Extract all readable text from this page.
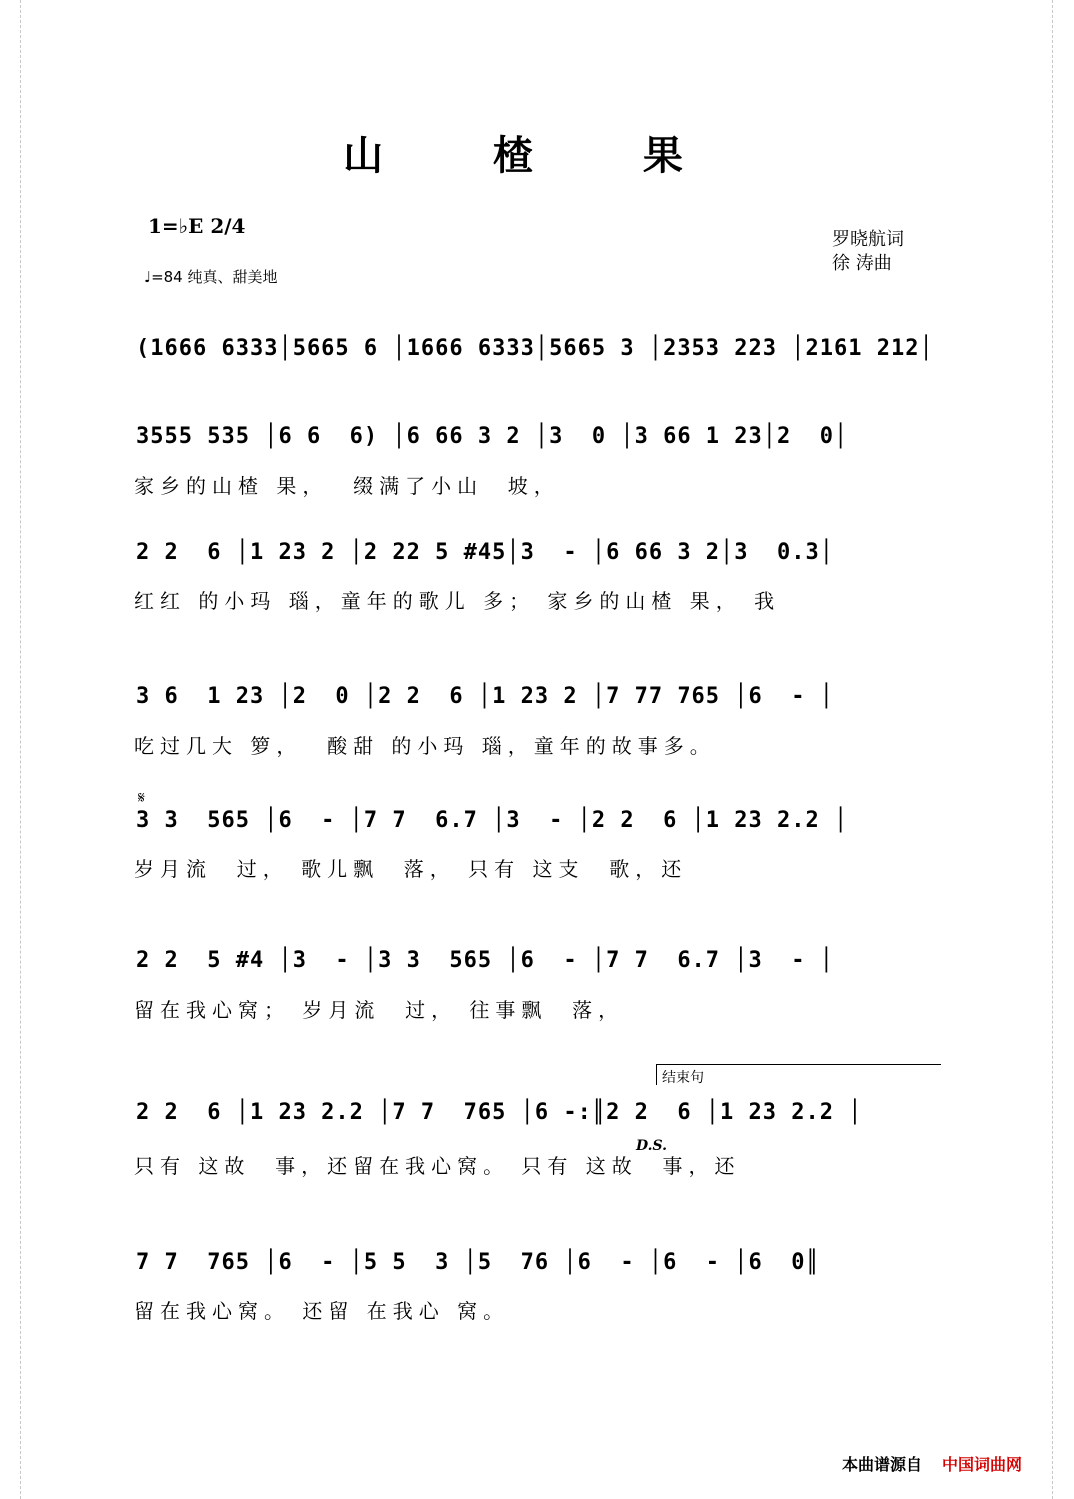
山 楂 果
1=♭E 2/4
♩=84 纯真、甜美地
罗晓航词
徐 涛曲
(1666 6333│5665 6 │1666 6333│5665 3 │2353 223 │2161 212│
3555 535 │6 6  6) │6 66 3 2 │3  0 │3 66 1 23│2  0│
家乡的山楂 果，  缀满了小山  坡，
2 2  6 │1 23 2 │2 22 5 #45│3  - │6 66 3 2│3  0.3│
红红 的小玛 瑙，童年的歌儿 多； 家乡的山楂 果， 我
3 6  1 23 │2  0 │2 2  6 │1 23 2 │7 77 765 │6  - │
吃过几大 箩，  酸甜 的小玛 瑙，童年的故事多。
𝄋
3 3  565 │6  - │7 7  6.7 │3  - │2 2  6 │1 23 2.2 │
岁月流  过， 歌儿飘  落， 只有 这支  歌，还
2 2  5 #4 │3  - │3 3  565 │6  - │7 7  6.7 │3  - │
留在我心窝； 岁月流  过， 往事飘  落，
结束句
2 2  6 │1 23 2.2 │7 7  765 │6 -:║2 2  6 │1 23 2.2 │
D.S.
只有 这故  事，还留在我心窝。 只有 这故  事，还
7 7  765 │6  - │5 5  3 │5  76 │6  - │6  - │6  0║
留在我心窝。 还留 在我心 窝。
本曲谱源自 中国词曲网
